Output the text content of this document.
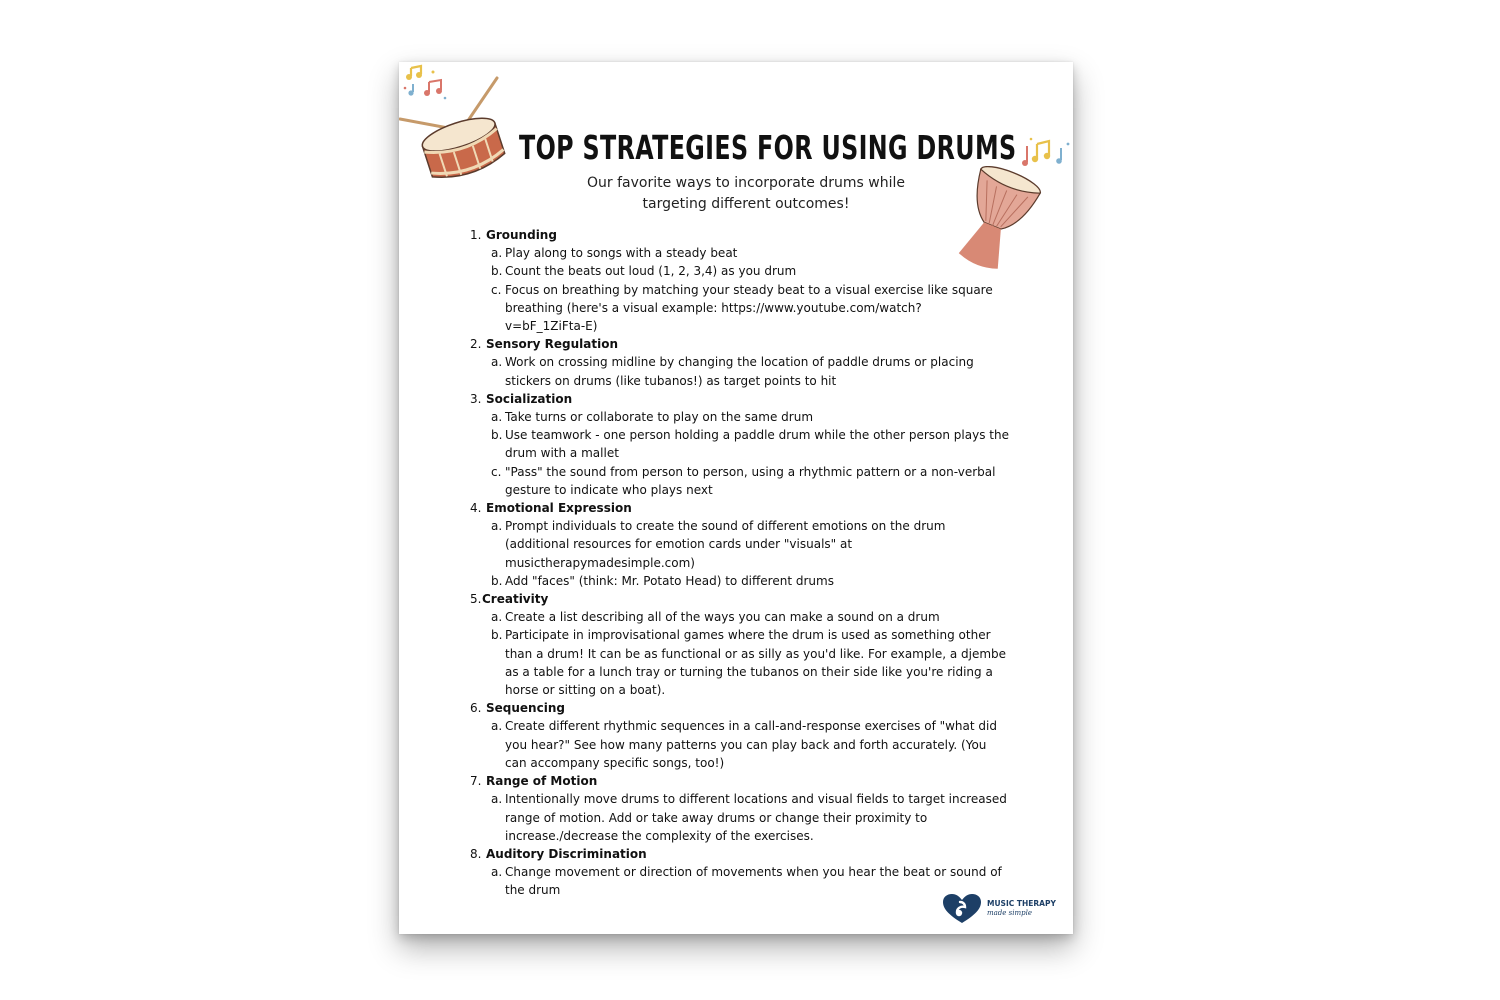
TOP STRATEGIES FOR USING DRUMS
Our favorite ways to incorporate drums while
targeting different outcomes!
1. Grounding
a. Play along to songs with a steady beat
b. Count the beats out loud (1, 2, 3,4) as you drum
c. Focus on breathing by matching your steady beat to a visual exercise like square breathing (here's a visual example: https://www.youtube.com/watch?
v=bF_1ZiFta-E)
2. Sensory Regulation
a. Work on crossing midline by changing the location of paddle drums or placing stickers on drums (like tubanos!) as target points to hit
3. Socialization
a. Take turns or collaborate to play on the same drum
b. Use teamwork - one person holding a paddle drum while the other person plays the drum with a mallet
c. "Pass" the sound from person to person, using a rhythmic pattern or a non-verbal gesture to indicate who plays next
4. Emotional Expression
a. Prompt individuals to create the sound of different emotions on the drum (additional resources for emotion cards under "visuals" at musictherapymadesimple.com)
b. Add "faces" (think: Mr. Potato Head) to different drums
5.Creativity
a. Create a list describing all of the ways you can make a sound on a drum
b. Participate in improvisational games where the drum is used as something other than a drum! It can be as functional or as silly as you'd like. For example, a djembe as a table for a lunch tray or turning the tubanos on their side like you're riding a horse or sitting on a boat).
6. Sequencing
a. Create different rhythmic sequences in a call-and-response exercises of "what did you hear?" See how many patterns you can play back and forth accurately. (You can accompany specific songs, too!)
7. Range of Motion
a. Intentionally move drums to different locations and visual fields to target increased range of motion. Add or take away drums or change their proximity to increase./decrease the complexity of the exercises.
8. Auditory Discrimination
a. Change movement or direction of movements when you hear the beat or sound of the drum
MUSIC THERAPY
made simple
